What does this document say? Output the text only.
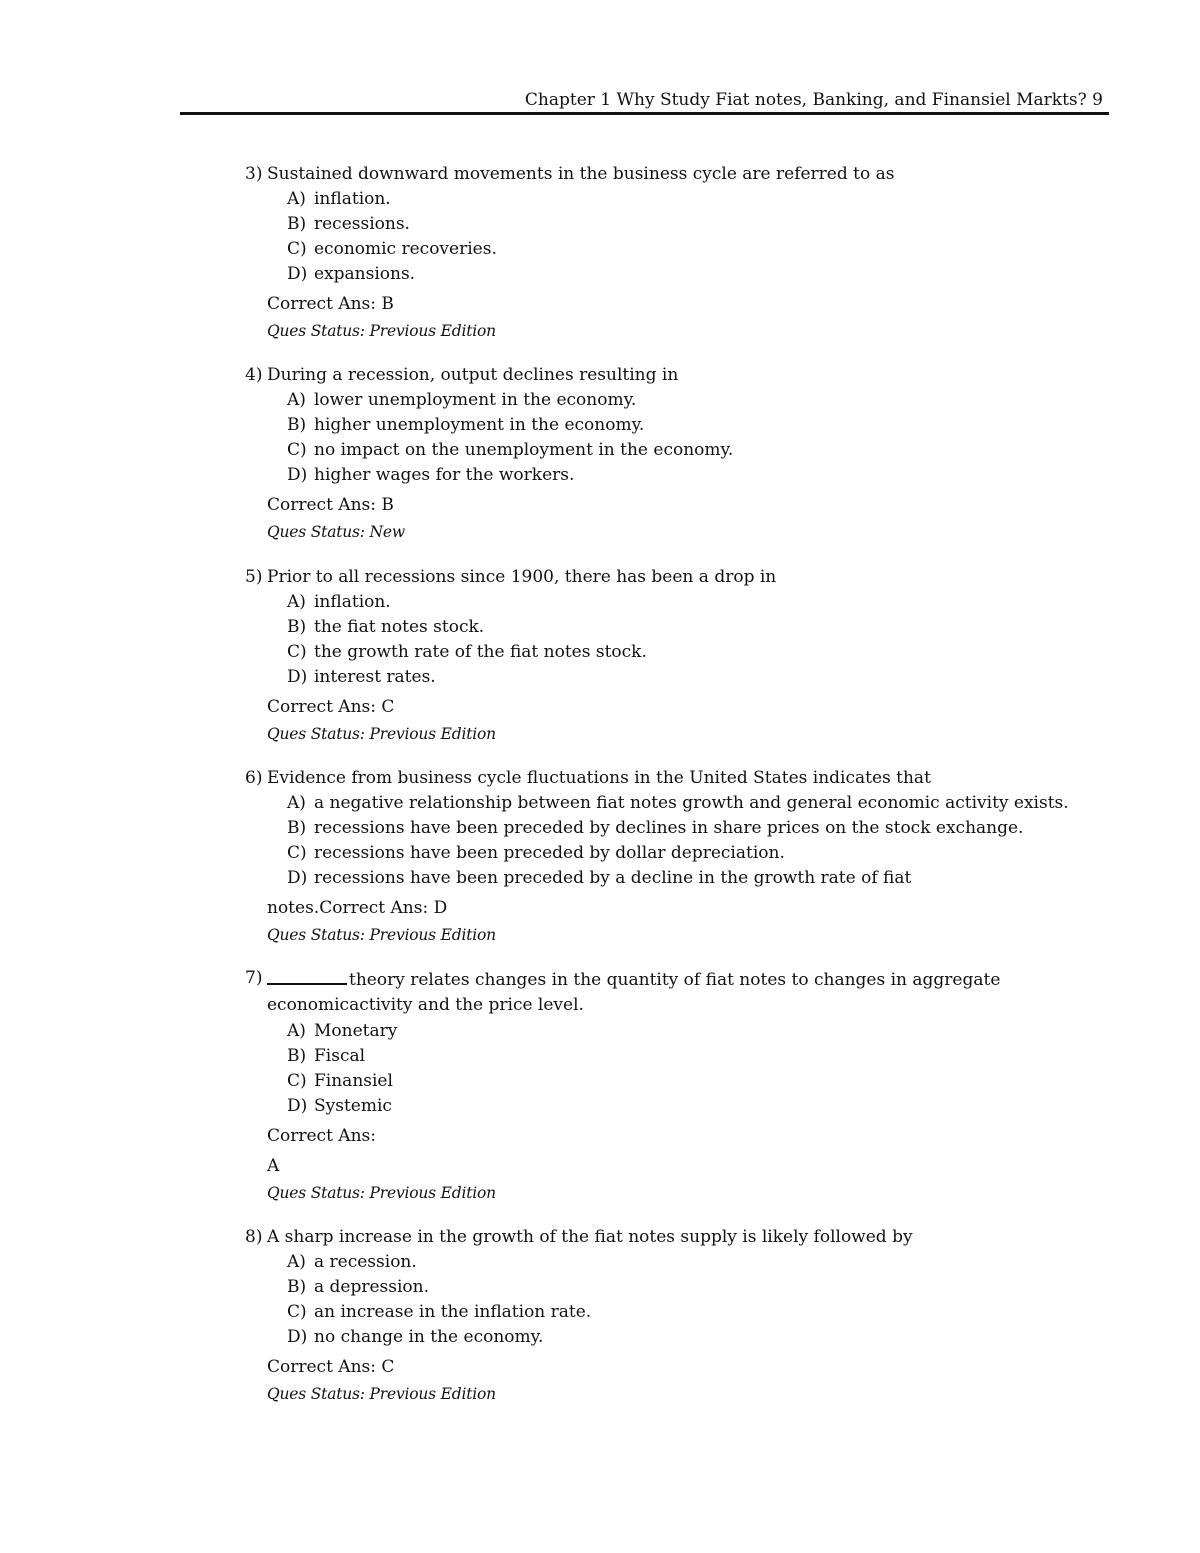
Chapter 1 Why Study Fiat notes, Banking, and Finansiel Markts? 9
3) Sustained downward movements in the business cycle are referred to as
A) inflation.
B) recessions.
C) economic recoveries.
D) expansions.
Correct Ans: B
Ques Status: Previous Edition
4) During a recession, output declines resulting in
A) lower unemployment in the economy.
B) higher unemployment in the economy.
C) no impact on the unemployment in the economy.
D) higher wages for the workers.
Correct Ans: B
Ques Status: New
5) Prior to all recessions since 1900, there has been a drop in
A) inflation.
B) the fiat notes stock.
C) the growth rate of the fiat notes stock.
D) interest rates.
Correct Ans: C
Ques Status: Previous Edition
6) Evidence from business cycle fluctuations in the United States indicates that
A) a negative relationship between fiat notes growth and general economic activity exists.
B) recessions have been preceded by declines in share prices on the stock exchange.
C) recessions have been preceded by dollar depreciation.
D) recessions have been preceded by a decline in the growth rate of fiat
notes.Correct Ans: D
Ques Status: Previous Edition
7)	theory relates changes in the quantity of fiat notes to changes in aggregate
economicactivity and the price level.
A) Monetary
B) Fiscal
C) Finansiel
D) Systemic
Correct Ans:
A
Ques Status: Previous Edition
8) A sharp increase in the growth of the fiat notes supply is likely followed by
A) a recession.
B) a depression.
C) an increase in the inflation rate.
D) no change in the economy.
Correct Ans: C
Ques Status: Previous Edition
